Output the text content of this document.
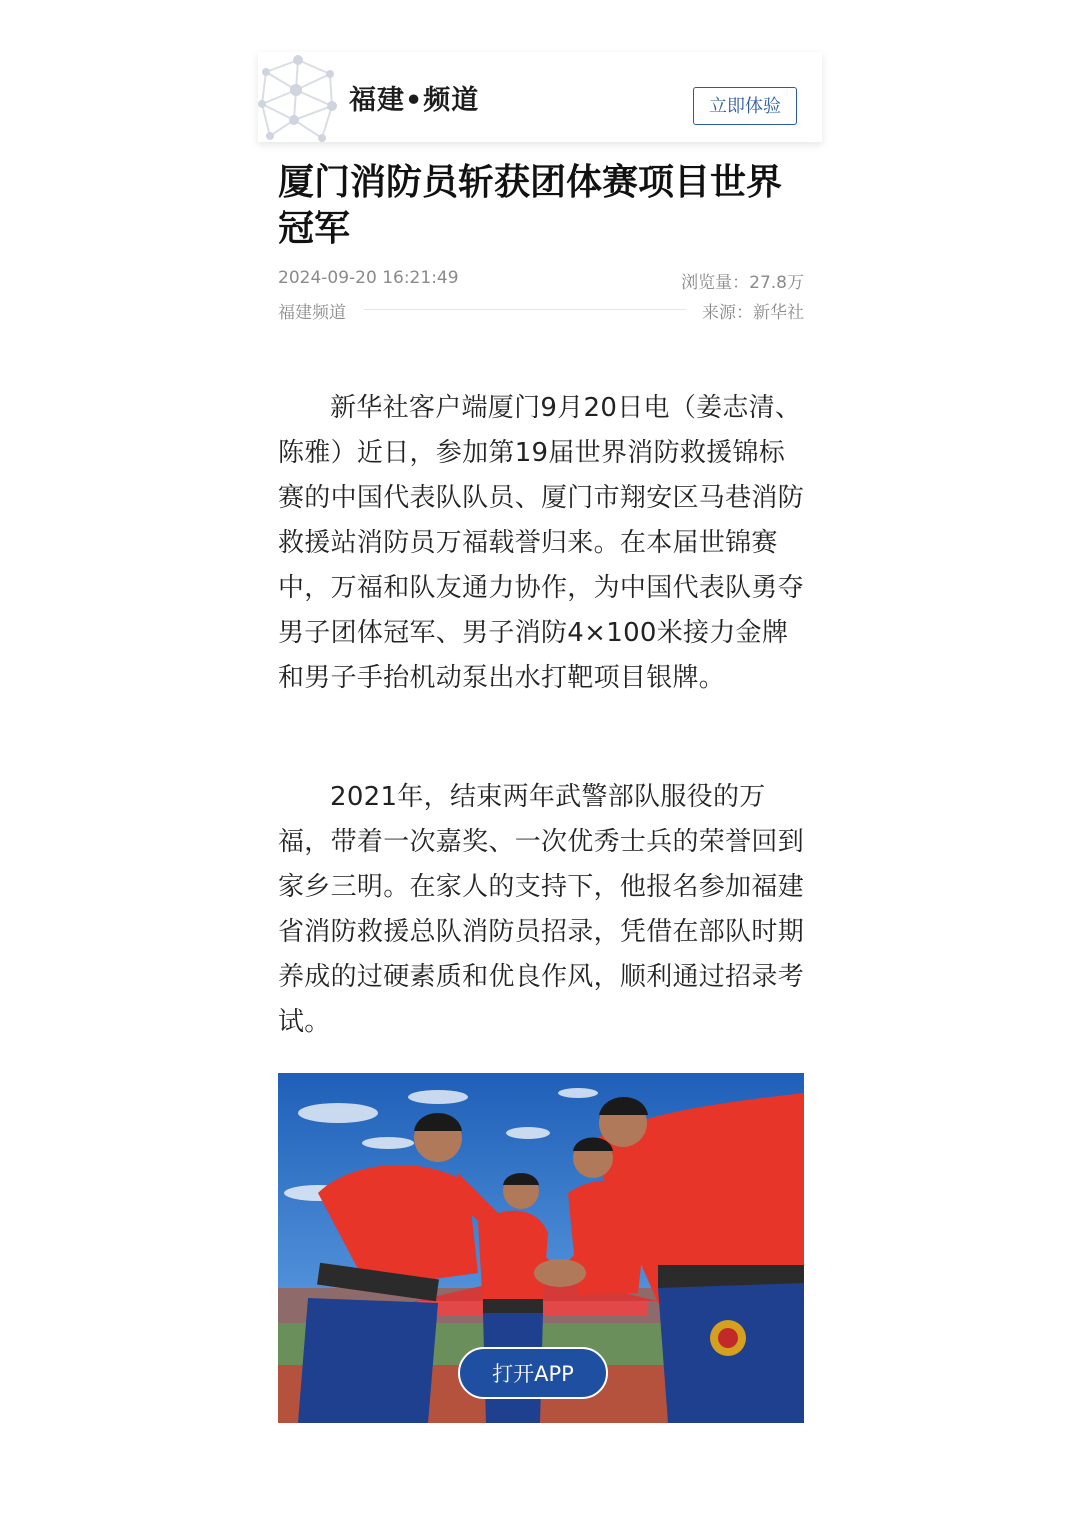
福建•频道	立即体验
厦门消防员斩获团体赛项目世界冠军
2024-09-20 16:21:49	浏览量：27.8万
福建频道	来源：新华社

新华社客户端厦门9月20日电（姜志清、陈雅）近日，参加第19届世界消防救援锦标赛的中国代表队队员、厦门市翔安区马巷消防救援站消防员万福载誉归来。在本届世锦赛中，万福和队友通力协作，为中国代表队勇夺男子团体冠军、男子消防4×100米接力金牌和男子手抬机动泵出水打靶项目银牌。

2021年，结束两年武警部队服役的万福，带着一次嘉奖、一次优秀士兵的荣誉回到家乡三明。在家人的支持下，他报名参加福建省消防救援总队消防员招录，凭借在部队时期养成的过硬素质和优良作风，顺利通过招录考试。

打开APP
